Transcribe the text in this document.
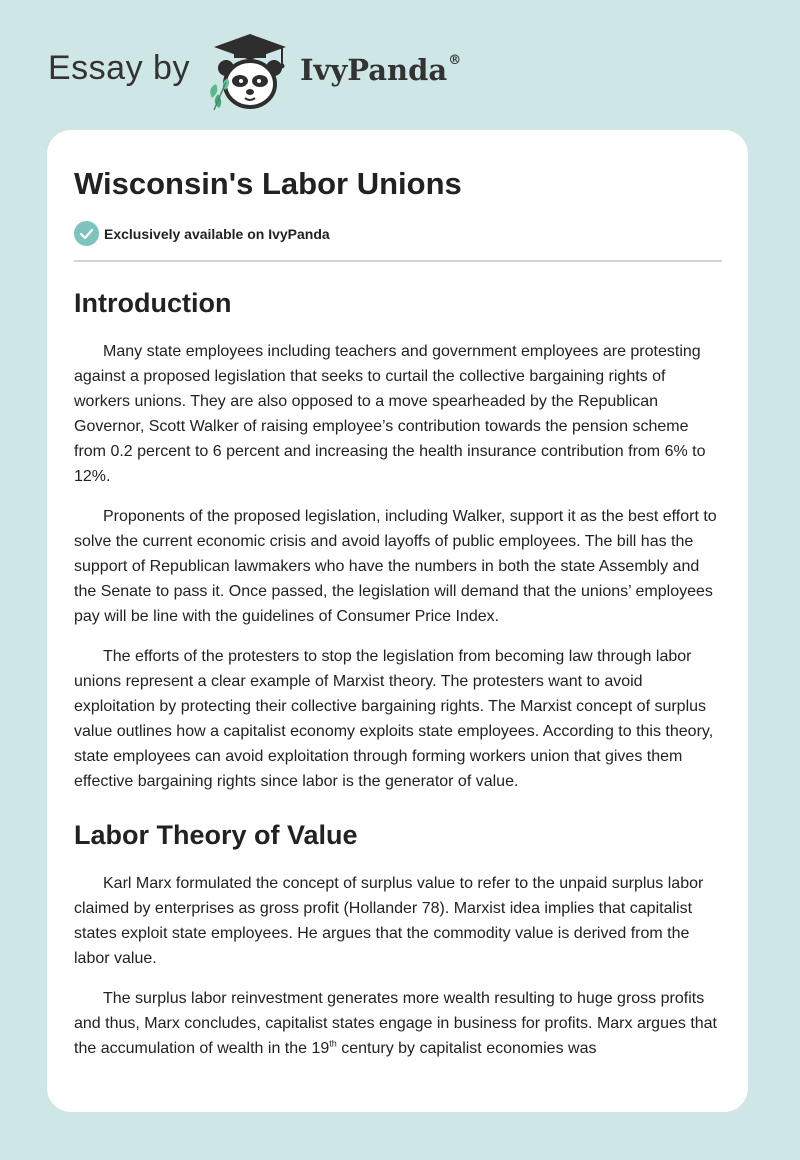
Essay by	IvyPanda®
Wisconsin's Labor Unions
Exclusively available on IvyPanda
Introduction

Many state employees including teachers and government employees are protesting against a proposed legislation that seeks to curtail the collective bargaining rights of workers unions. They are also opposed to a move spearheaded by the Republican Governor, Scott Walker of raising employee’s contribution towards the pension scheme from 0.2 percent to 6 percent and increasing the health insurance contribution from 6% to 12%.

Proponents of the proposed legislation, including Walker, support it as the best effort to solve the current economic crisis and avoid layoffs of public employees. The bill has the support of Republican lawmakers who have the numbers in both the state Assembly and the Senate to pass it. Once passed, the legislation will demand that the unions’ employees pay will be line with the guidelines of Consumer Price Index.

The efforts of the protesters to stop the legislation from becoming law through labor unions represent a clear example of Marxist theory. The protesters want to avoid exploitation by protecting their collective bargaining rights. The Marxist concept of surplus value outlines how a capitalist economy exploits state employees. According to this theory, state employees can avoid exploitation through forming workers union that gives them effective bargaining rights since labor is the generator of value.

Labor Theory of Value

Karl Marx formulated the concept of surplus value to refer to the unpaid surplus labor claimed by enterprises as gross profit (Hollander 78). Marxist idea implies that capitalist states exploit state employees. He argues that the commodity value is derived from the labor value.

The surplus labor reinvestment generates more wealth resulting to huge gross profits and thus, Marx concludes, capitalist states engage in business for profits. Marx argues that the accumulation of wealth in the 19th century by capitalist economies was
